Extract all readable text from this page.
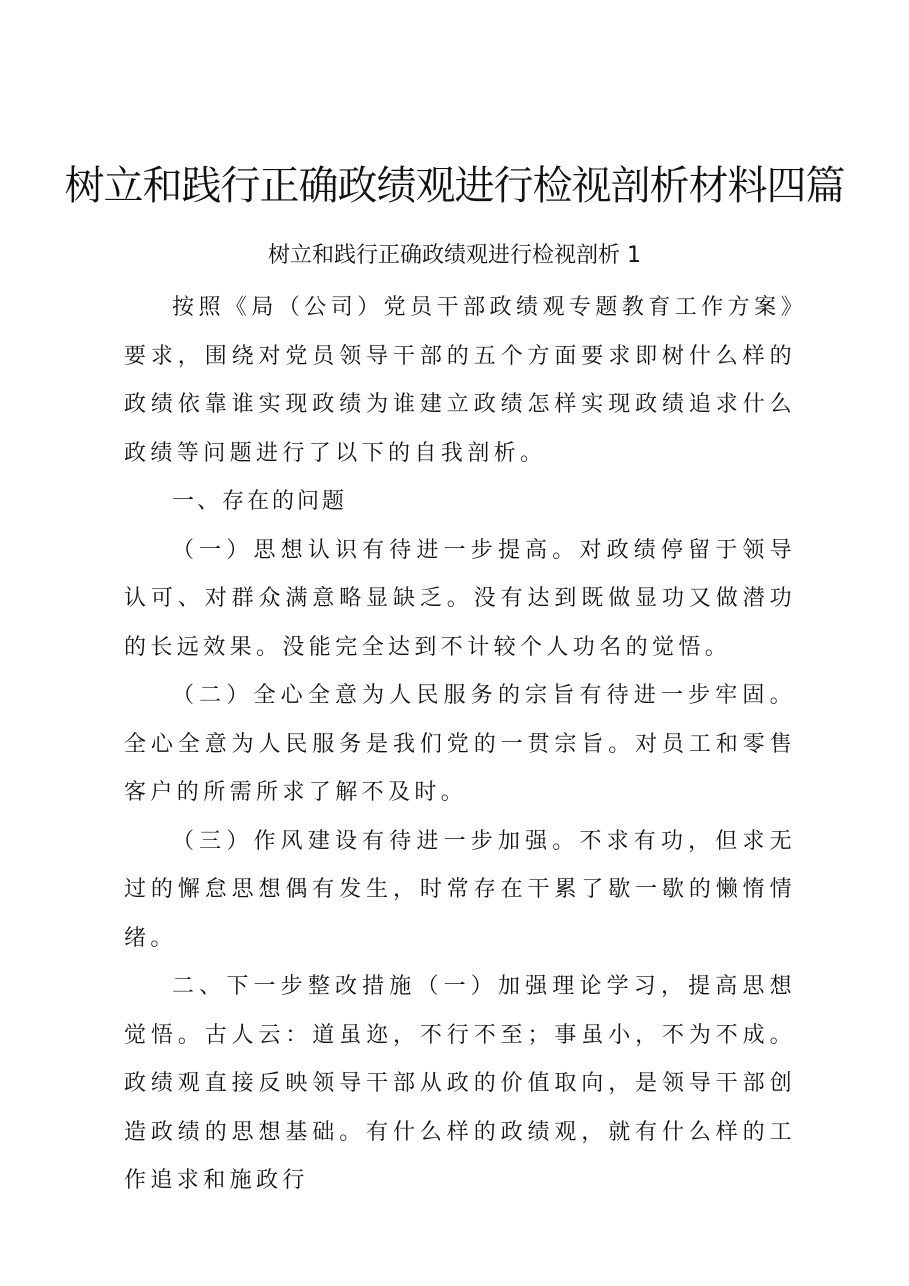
树立和践行正确政绩观进行检视剖析材料四篇
树立和践行正确政绩观进行检视剖析 1

按照《局（公司）党员干部政绩观专题教育工作方案》要求，围绕对党员领导干部的五个方面要求即树什么样的政绩依靠谁实现政绩为谁建立政绩怎样实现政绩追求什么政绩等问题进行了以下的自我剖析。

一、存在的问题

（一）思想认识有待进一步提高。对政绩停留于领导认可、对群众满意略显缺乏。没有达到既做显功又做潜功的长远效果。没能完全达到不计较个人功名的觉悟。

（二）全心全意为人民服务的宗旨有待进一步牢固。全心全意为人民服务是我们党的一贯宗旨。对员工和零售客户的所需所求了解不及时。

（三）作风建设有待进一步加强。不求有功，但求无过的懈怠思想偶有发生，时常存在干累了歇一歇的懒惰情绪。

二、下一步整改措施（一）加强理论学习，提高思想觉悟。古人云：道虽迩，不行不至；事虽小，不为不成。政绩观直接反映领导干部从政的价值取向，是领导干部创造政绩的思想基础。有什么样的政绩观，就有什么样的工作追求和施政行
